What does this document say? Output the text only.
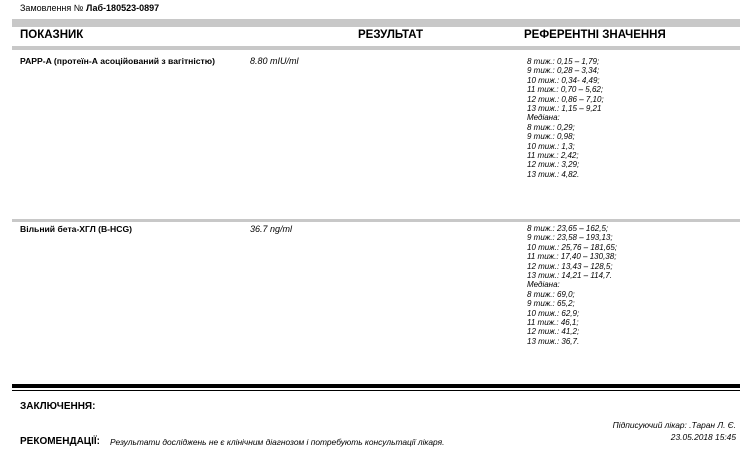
Замовлення № Лаб-180523-0897
ПОКАЗНИК	РЕЗУЛЬТАТ	РЕФЕРЕНТНІ ЗНАЧЕННЯ
PAPP-A (протеїн-А асоційований з вагітністю)	8.80 mIU/ml	8 тиж.: 0,15 – 1,79;
9 тиж.: 0,28 – 3,34;
10 тиж.: 0,34- 4,49;
11 тиж.: 0,70 – 5,62;
12 тиж.: 0,86 – 7,10;
13 тиж.: 1,15 – 9,21
Медіана:
8 тиж.: 0,29;
9 тиж.: 0,98;
10 тиж.: 1,3;
11 тиж.: 2,42;
12 тиж.: 3,29;
13 тиж.: 4,82.
Вільний бета-ХГЛ (B-HCG)	36.7 ng/ml	8 тиж.: 23,65 – 162,5;
9 тиж.: 23,58 – 193,13;
10 тиж.: 25,76 – 181,65;
11 тиж.: 17,40 – 130,38;
12 тиж.: 13,43 – 128,5;
13 тиж.: 14,21 – 114,7.
Медіана:
8 тиж.: 69,0;
9 тиж.: 65,2;
10 тиж.: 62,9;
11 тиж.: 46,1;
12 тиж.: 41,2;
13 тиж.: 36,7.
ЗАКЛЮЧЕННЯ:
Підписуючий лікар: .Таран Л. Є.
23.05.2018 15:45
РЕКОМЕНДАЦІЇ: Результати досліджень не є клінічним діагнозом і потребують консультації лікаря.
